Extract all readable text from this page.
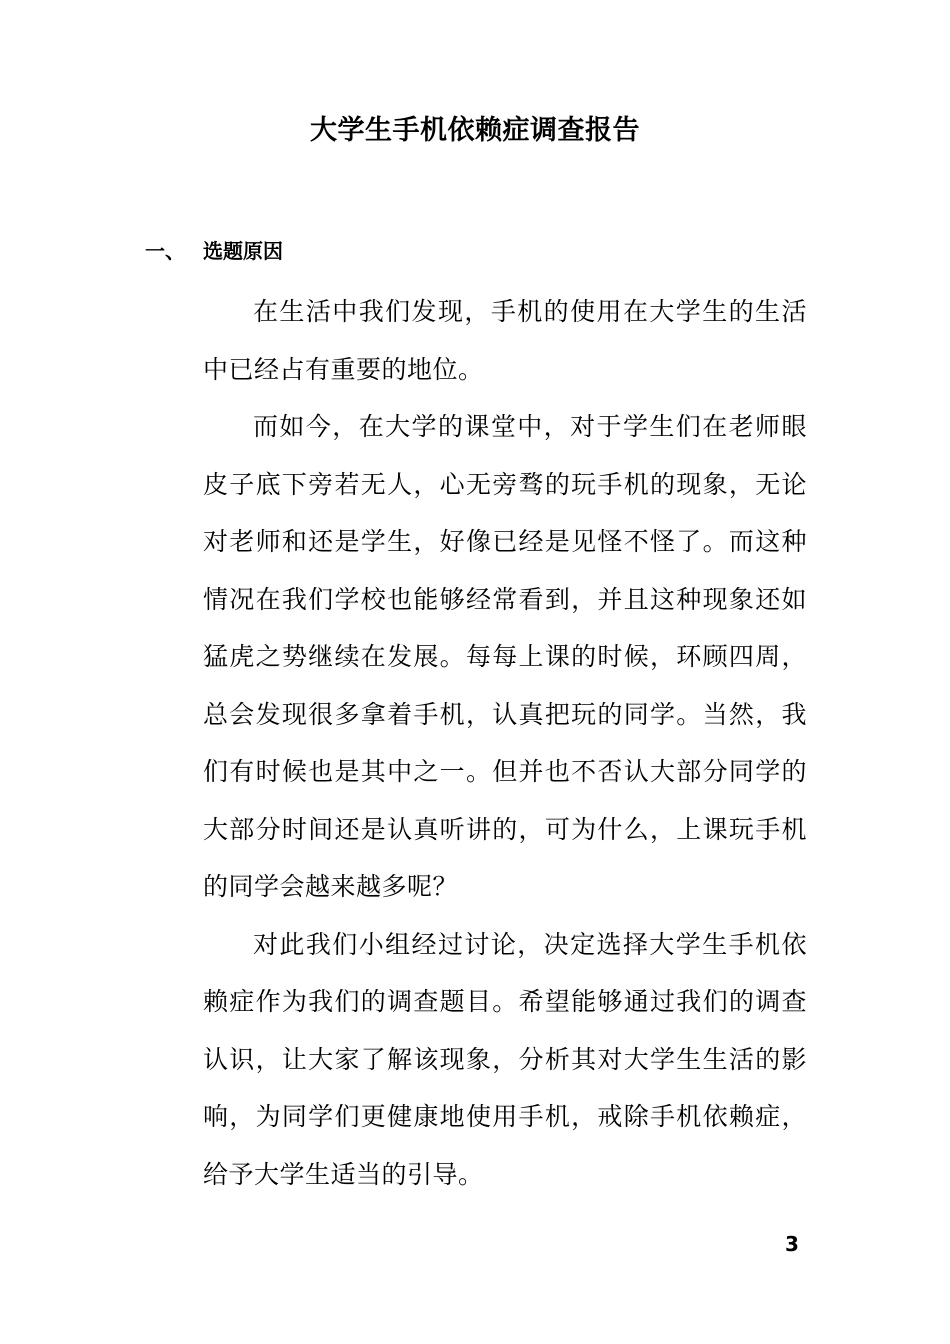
大学生手机依赖症调查报告
一、 选题原因

在生活中我们发现，手机的使用在大学生的生活中已经占有重要的地位。

而如今，在大学的课堂中，对于学生们在老师眼皮子底下旁若无人，心无旁骛的玩手机的现象，无论对老师和还是学生，好像已经是见怪不怪了。而这种情况在我们学校也能够经常看到，并且这种现象还如猛虎之势继续在发展。每每上课的时候，环顾四周，总会发现很多拿着手机，认真把玩的同学。当然，我们有时候也是其中之一。但并也不否认大部分同学的大部分时间还是认真听讲的，可为什么，上课玩手机的同学会越来越多呢？

对此我们小组经过讨论，决定选择大学生手机依赖症作为我们的调查题目。希望能够通过我们的调查认识，让大家了解该现象，分析其对大学生生活的影响，为同学们更健康地使用手机，戒除手机依赖症，给予大学生适当的引导。

3
